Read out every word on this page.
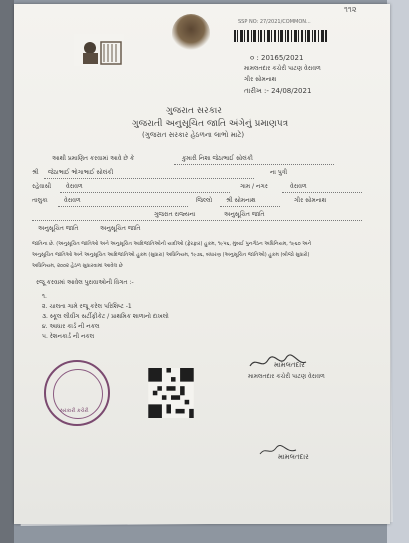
૧૧૨
SSP NO: 27/2021/COMMON...
૦ : 20165/2021
મામલતદાર કચેરી પાટણ વેરાવળ
ગીર સોમનાથ
તારીખ :- 24/08/2021
ગુજરાત સરકાર
ગુજરાતી અનુસૂચિત જાતિ અંગેનું પ્રમાણપત્ર
(ગુજરાત સરકાર હેઠળના લાભો માટે)
આથી પ્રમાણિત કરવામાં આવે છે કે	કુમારી નિશા જેઠાભાઈ સોલંકી
શ્રી જેઠાભાઈ ભોગાભાઈ સોલંકી	ના પુત્રી
રહેવાસી વેરાવળ	ગામ / નગર	વેરાવળ
તાલુકા	વેરાવળ	જિલ્લો શ્રી સોમનાથ	ગીર સોમનાથ
ગુજરાત રાજ્યના	અનુસૂચિત જાતિ
અનુસૂચિત જાતિ	અનુસૂચિત જાતિ
જાતિના છે. (અનુસૂચિત જાતિઓ અને અનુસૂચિત આદિજાતિઓની યાદીઓ (ફેરફાર) હુકમ, ૧૯૫૬, મુંબઈ પુનર્ગઠન અધિનિયમ, ૧૯૬૦ અને
અનુસૂચિત જાતિઓ અને અનુસૂચિત આદિજાતિઓ હુકમ (સુધારા) અધિનિયમ, ૧૯૭૬, બંધારણ (અનુસૂચિત જાતિઓ) હુકમ (બીજો સુધારો)
અધિનિયમ, ૨૦૦૨ હેઠળ સુધારવામાં આવેલ છે
રજૂ કરવામાં આવેલ પુરાવાઓની વિગત :-
૧.
૨. ચાલતા ગામે રજૂ કરેલ પરિશિષ્ટ -1
૩. સ્કૂલ લીવીંગ સર્ટીફીકેટ / પ્રાથમિક શાળાનો દાખલો
૪. આધાર કાર્ડ ની નકલ
૫. રેશનકાર્ડ ની નકલ
સરકારી કચેરી
મામલતદાર
મામલતદાર કચેરી પાટણ વેરાવળ
મામલતદાર
